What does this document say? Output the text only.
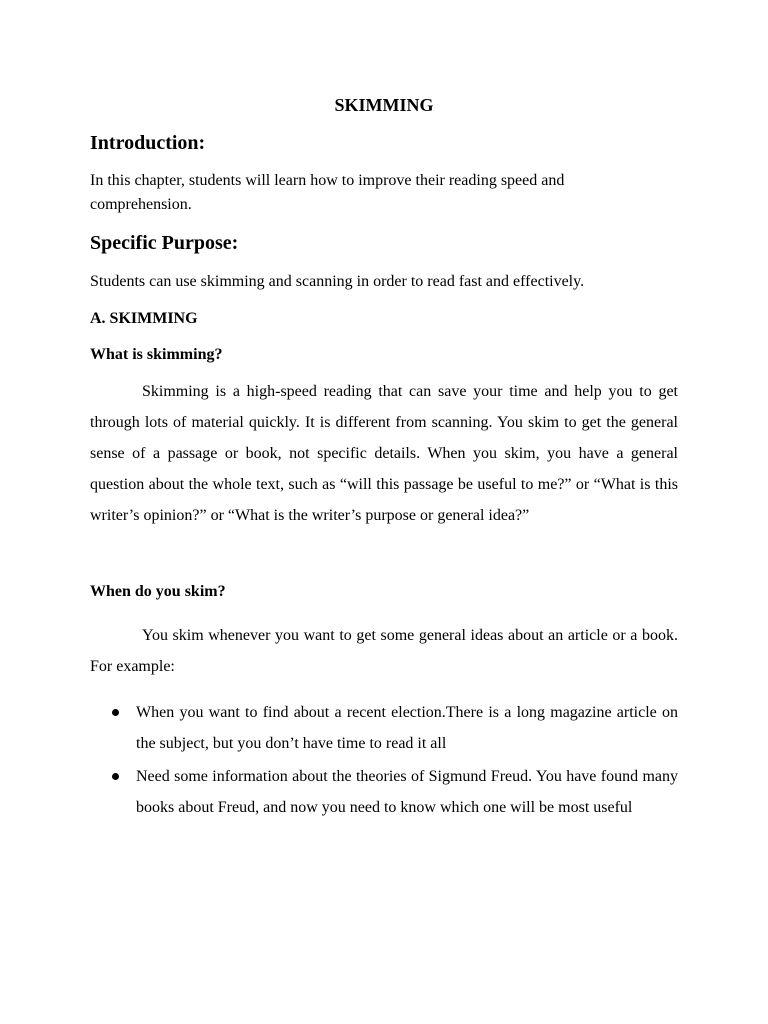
SKIMMING
Introduction:

In this chapter, students will learn how to improve their reading speed and comprehension.

Specific Purpose:

Students can use skimming and scanning in order to read fast and effectively.

A. SKIMMING
What is skimming?

Skimming is a high-speed reading that can save your time and help you to get through lots of material quickly. It is different from scanning. You skim to get the general sense of a passage or book, not specific details. When you skim, you have a general question about the whole text, such as “will this passage be useful to me?” or “What is this writer’s opinion?” or “What is the writer’s purpose or general idea?”

When do you skim?

You skim whenever you want to get some general ideas about an article or a book. For example:

When you want to find about a recent election.There is a long magazine article on the subject, but you don’t have time to read it all
Need some information about the theories of Sigmund Freud. You have found many books about Freud, and now you need to know which one will be most useful
